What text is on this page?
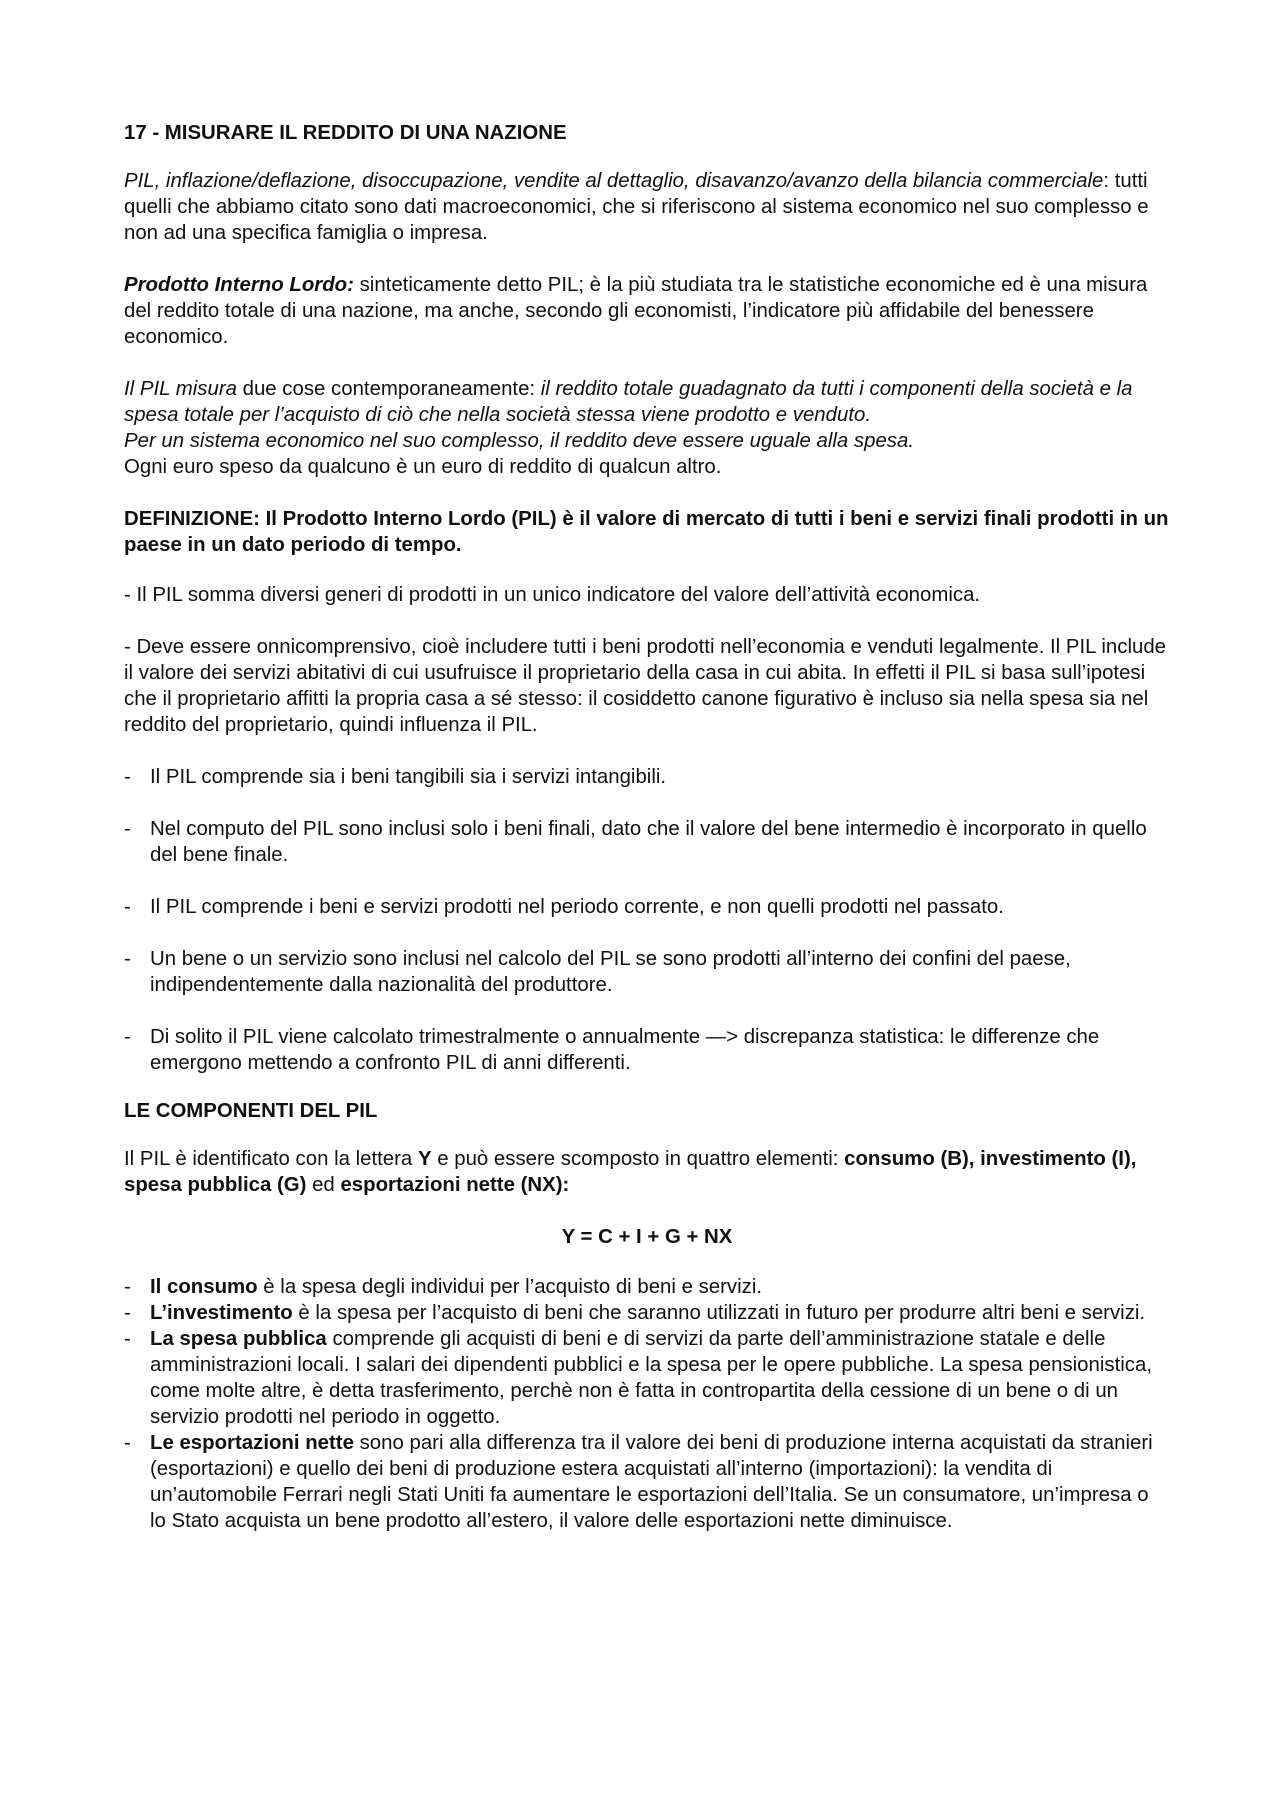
17 - MISURARE IL REDDITO DI UNA NAZIONE

PIL, inflazione/deflazione, disoccupazione, vendite al dettaglio, disavanzo/avanzo della bilancia commerciale: tutti quelli che abbiamo citato sono dati macroeconomici, che si riferiscono al sistema economico nel suo complesso e non ad una specifica famiglia o impresa.

Prodotto Interno Lordo: sinteticamente detto PIL; è la più studiata tra le statistiche economiche ed è una misura del reddito totale di una nazione, ma anche, secondo gli economisti, l’indicatore più affidabile del benessere economico.

Il PIL misura due cose contemporaneamente: il reddito totale guadagnato da tutti i componenti della società e la spesa totale per l’acquisto di ciò che nella società stessa viene prodotto e venduto.

Per un sistema economico nel suo complesso, il reddito deve essere uguale alla spesa.

Ogni euro speso da qualcuno è un euro di reddito di qualcun altro.

DEFINIZIONE: Il Prodotto Interno Lordo (PIL) è il valore di mercato di tutti i beni e servizi finali prodotti in un paese in un dato periodo di tempo.

- Il PIL somma diversi generi di prodotti in un unico indicatore del valore dell’attività economica.

- Deve essere onnicomprensivo, cioè includere tutti i beni prodotti nell’economia e venduti legalmente. Il PIL include il valore dei servizi abitativi di cui usufruisce il proprietario della casa in cui abita. In effetti il PIL si basa sull’ipotesi che il proprietario affitti la propria casa a sé stesso: il cosiddetto canone figurativo è incluso sia nella spesa sia nel reddito del proprietario, quindi influenza il PIL.

- Il PIL comprende sia i beni tangibili sia i servizi intangibili.
- Nel computo del PIL sono inclusi solo i beni finali, dato che il valore del bene intermedio è incorporato in quello del bene finale.
- Il PIL comprende i beni e servizi prodotti nel periodo corrente, e non quelli prodotti nel passato.
- Un bene o un servizio sono inclusi nel calcolo del PIL se sono prodotti all’interno dei confini del paese, indipendentemente dalla nazionalità del produttore.
- Di solito il PIL viene calcolato trimestralmente o annualmente —> discrepanza statistica: le differenze che emergono mettendo a confronto PIL di anni differenti.

LE COMPONENTI DEL PIL

Il PIL è identificato con la lettera Y e può essere scomposto in quattro elementi: consumo (B), investimento (I), spesa pubblica (G) ed esportazioni nette (NX):

Y = C + I + G + NX

- Il consumo è la spesa degli individui per l’acquisto di beni e servizi.
- L’investimento è la spesa per l’acquisto di beni che saranno utilizzati in futuro per produrre altri beni e servizi.
- La spesa pubblica comprende gli acquisti di beni e di servizi da parte dell’amministrazione statale e delle amministrazioni locali. I salari dei dipendenti pubblici e la spesa per le opere pubbliche. La spesa pensionistica, come molte altre, è detta trasferimento, perchè non è fatta in contropartita della cessione di un bene o di un servizio prodotti nel periodo in oggetto.
- Le esportazioni nette sono pari alla differenza tra il valore dei beni di produzione interna acquistati da stranieri (esportazioni) e quello dei beni di produzione estera acquistati all’interno (importazioni): la vendita di un’automobile Ferrari negli Stati Uniti fa aumentare le esportazioni dell’Italia. Se un consumatore, un’impresa o lo Stato acquista un bene prodotto all’estero, il valore delle esportazioni nette diminuisce.
